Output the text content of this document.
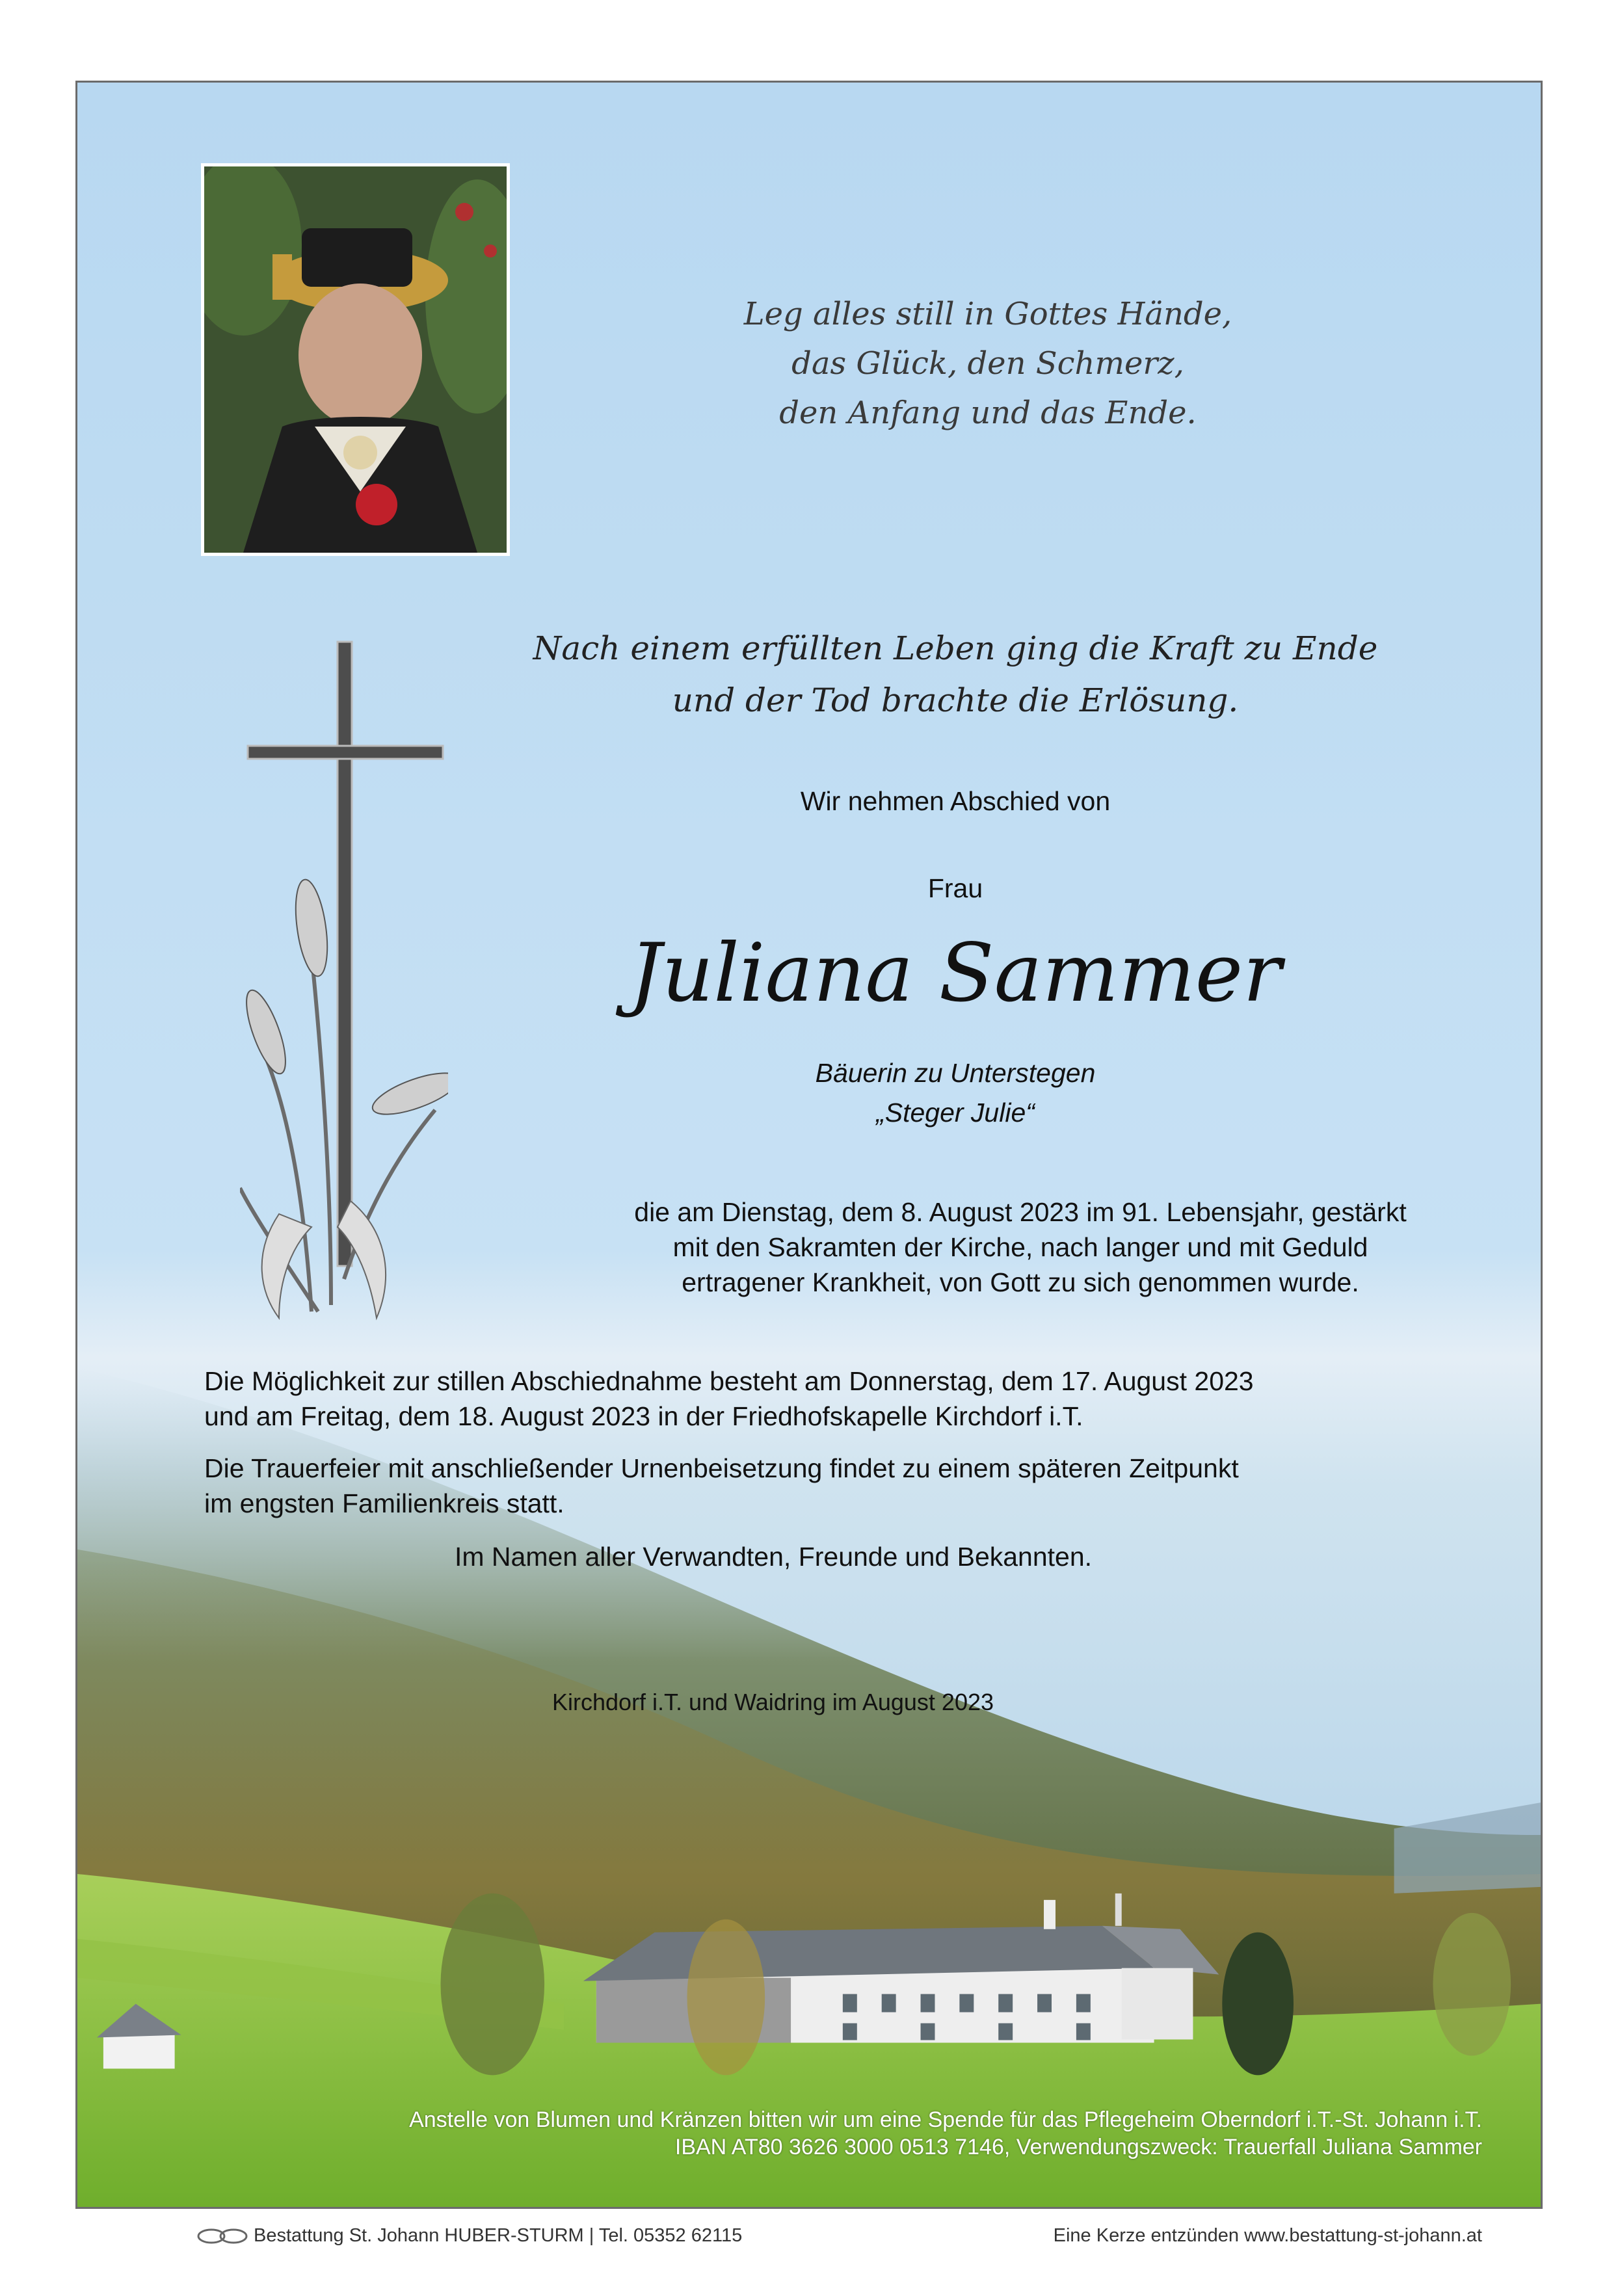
Leg alles still in Gottes Hände,
das Glück, den Schmerz,
den Anfang und das Ende.
Nach einem erfüllten Leben ging die Kraft zu Ende
und der Tod brachte die Erlösung.
Wir nehmen Abschied von
Frau
Juliana Sammer
Bäuerin zu Unterstegen
„Steger Julie“
die am Dienstag, dem 8. August 2023 im 91. Lebensjahr, gestärkt
mit den Sakramten der Kirche, nach langer und mit Geduld
ertragener Krankheit, von Gott zu sich genommen wurde.
Die Möglichkeit zur stillen Abschiednahme besteht am Donnerstag, dem 17. August 2023
und am Freitag, dem 18. August 2023 in der Friedhofskapelle Kirchdorf i.T.
Die Trauerfeier mit anschließender Urnenbeisetzung findet zu einem späteren Zeitpunkt
im engsten Familienkreis statt.
Im Namen aller Verwandten, Freunde und Bekannten.
Kirchdorf i.T. und Waidring im August 2023
Anstelle von Blumen und Kränzen bitten wir um eine Spende für das Pflegeheim Oberndorf i.T.-St. Johann i.T.
IBAN AT80 3626 3000 0513 7146, Verwendungszweck: Trauerfall Juliana Sammer
Bestattung St. Johann HUBER-STURM | Tel. 05352 62115	Eine Kerze entzünden www.bestattung-st-johann.at
